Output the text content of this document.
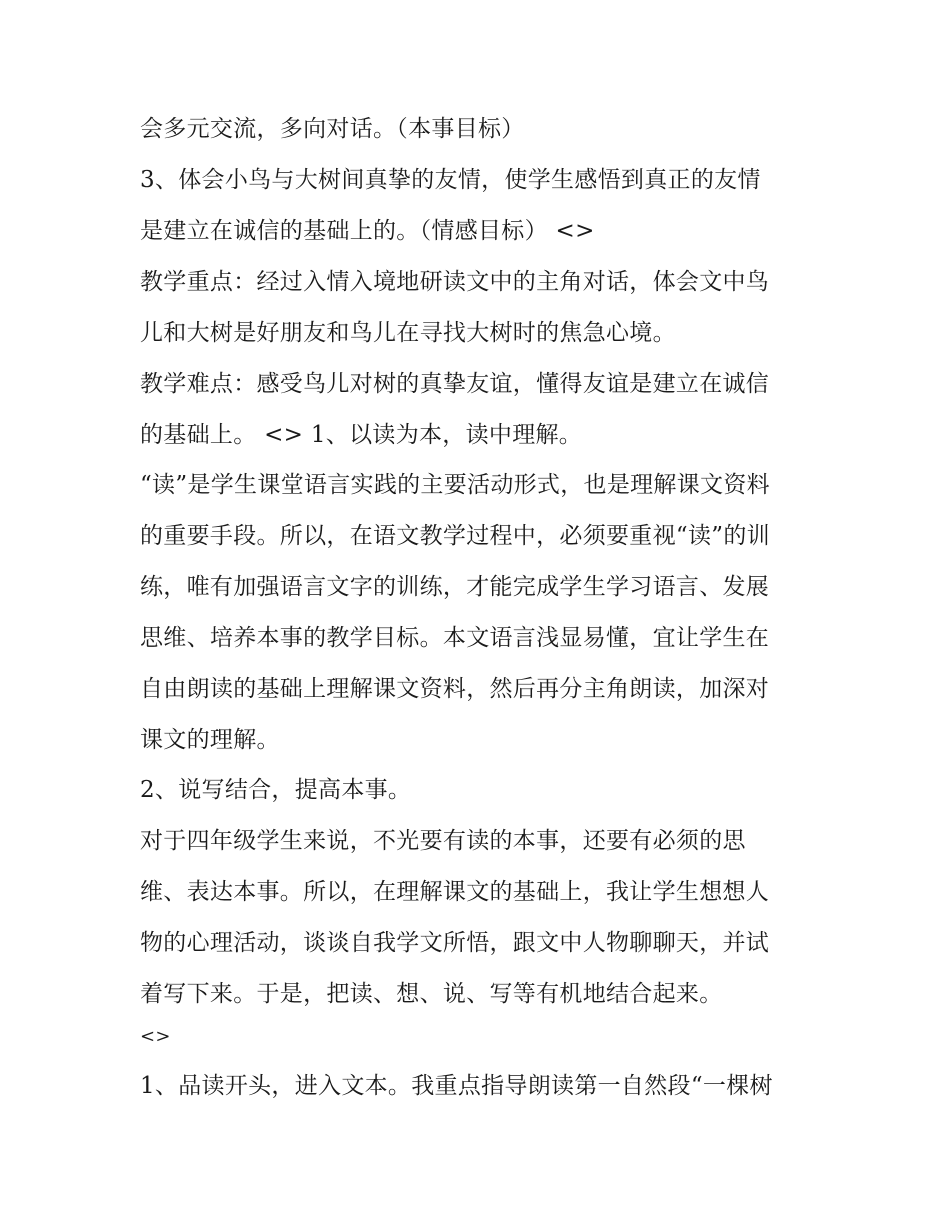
会多元交流，多向对话。（本事目标）

3、体会小鸟与大树间真挚的友情，使学生感悟到真正的友情

是建立在诚信的基础上的。（情感目标） <>

教学重点：经过入情入境地研读文中的主角对话，体会文中鸟

儿和大树是好朋友和鸟儿在寻找大树时的焦急心境。

教学难点：感受鸟儿对树的真挚友谊，懂得友谊是建立在诚信

的基础上。 <> 1、以读为本，读中理解。

“读”是学生课堂语言实践的主要活动形式，也是理解课文资料

的重要手段。所以，在语文教学过程中，必须要重视“读”的训

练，唯有加强语言文字的训练，才能完成学生学习语言、发展

思维、培养本事的教学目标。本文语言浅显易懂，宜让学生在

自由朗读的基础上理解课文资料，然后再分主角朗读，加深对

课文的理解。

2、说写结合，提高本事。

对于四年级学生来说，不光要有读的本事，还要有必须的思

维、表达本事。所以，在理解课文的基础上，我让学生想想人

物的心理活动，谈谈自我学文所悟，跟文中人物聊聊天，并试

着写下来。于是，把读、想、说、写等有机地结合起来。

<>

1、品读开头，进入文本。我重点指导朗读第一自然段“一棵树
